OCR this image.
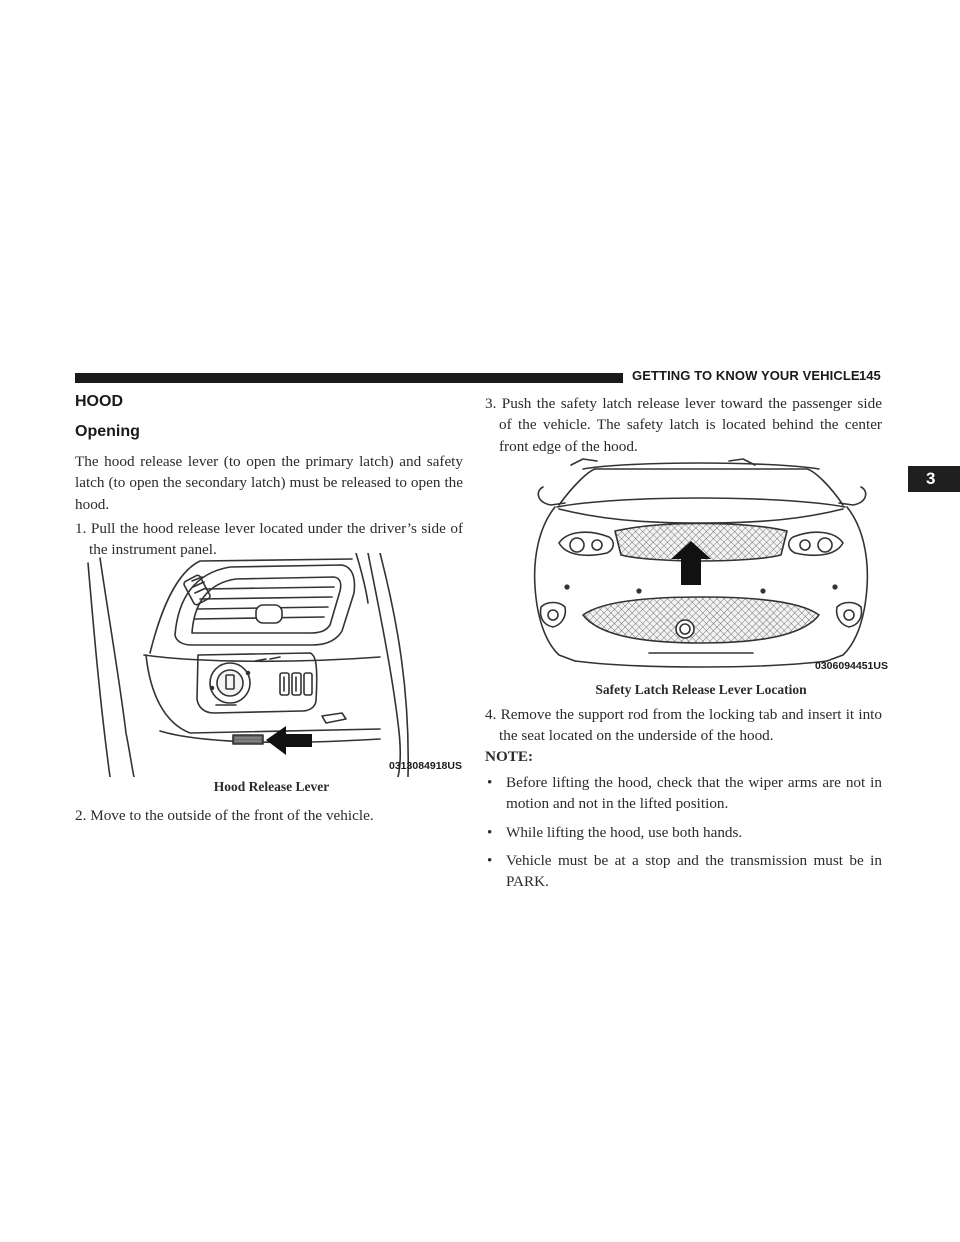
GETTING TO KNOW YOUR VEHICLE 145
3
HOOD
Opening
The hood release lever (to open the primary latch) and safety latch (to open the secondary latch) must be released to open the hood.
1. Pull the hood release lever located under the driver’s side of the instrument panel.
0313084918US
Hood Release Lever
2. Move to the outside of the front of the vehicle.
3. Push the safety latch release lever toward the passenger side of the vehicle. The safety latch is located behind the center front edge of the hood.
0306094451US
Safety Latch Release Lever Location
4. Remove the support rod from the locking tab and insert it into the seat located on the underside of the hood.
NOTE:
• Before lifting the hood, check that the wiper arms are not in motion and not in the lifted position.
• While lifting the hood, use both hands.
• Vehicle must be at a stop and the transmission must be in PARK.
